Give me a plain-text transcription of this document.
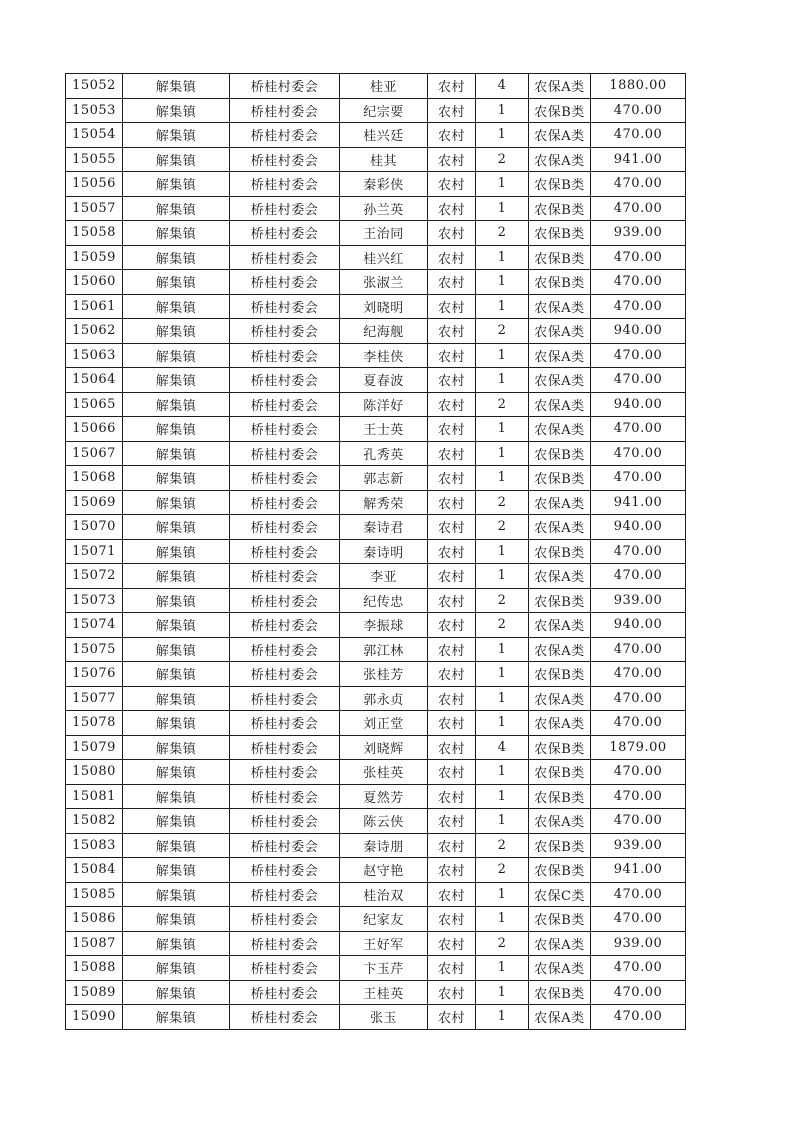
15052	解集镇	桥桂村委会	桂亚	农村	4	农保A类	1880.00
15053	解集镇	桥桂村委会	纪宗要	农村	1	农保B类	470.00
15054	解集镇	桥桂村委会	桂兴廷	农村	1	农保A类	470.00
15055	解集镇	桥桂村委会	桂其	农村	2	农保A类	941.00
15056	解集镇	桥桂村委会	秦彩侠	农村	1	农保B类	470.00
15057	解集镇	桥桂村委会	孙兰英	农村	1	农保B类	470.00
15058	解集镇	桥桂村委会	王治同	农村	2	农保B类	939.00
15059	解集镇	桥桂村委会	桂兴红	农村	1	农保B类	470.00
15060	解集镇	桥桂村委会	张淑兰	农村	1	农保B类	470.00
15061	解集镇	桥桂村委会	刘晓明	农村	1	农保A类	470.00
15062	解集镇	桥桂村委会	纪海舰	农村	2	农保A类	940.00
15063	解集镇	桥桂村委会	李桂侠	农村	1	农保A类	470.00
15064	解集镇	桥桂村委会	夏春波	农村	1	农保A类	470.00
15065	解集镇	桥桂村委会	陈洋好	农村	2	农保A类	940.00
15066	解集镇	桥桂村委会	王士英	农村	1	农保A类	470.00
15067	解集镇	桥桂村委会	孔秀英	农村	1	农保B类	470.00
15068	解集镇	桥桂村委会	郭志新	农村	1	农保B类	470.00
15069	解集镇	桥桂村委会	解秀荣	农村	2	农保A类	941.00
15070	解集镇	桥桂村委会	秦诗君	农村	2	农保A类	940.00
15071	解集镇	桥桂村委会	秦诗明	农村	1	农保B类	470.00
15072	解集镇	桥桂村委会	李亚	农村	1	农保A类	470.00
15073	解集镇	桥桂村委会	纪传忠	农村	2	农保B类	939.00
15074	解集镇	桥桂村委会	李振球	农村	2	农保A类	940.00
15075	解集镇	桥桂村委会	郭江林	农村	1	农保A类	470.00
15076	解集镇	桥桂村委会	张桂芳	农村	1	农保B类	470.00
15077	解集镇	桥桂村委会	郭永贞	农村	1	农保A类	470.00
15078	解集镇	桥桂村委会	刘正堂	农村	1	农保A类	470.00
15079	解集镇	桥桂村委会	刘晓辉	农村	4	农保B类	1879.00
15080	解集镇	桥桂村委会	张桂英	农村	1	农保B类	470.00
15081	解集镇	桥桂村委会	夏然芳	农村	1	农保B类	470.00
15082	解集镇	桥桂村委会	陈云侠	农村	1	农保A类	470.00
15083	解集镇	桥桂村委会	秦诗朋	农村	2	农保B类	939.00
15084	解集镇	桥桂村委会	赵守艳	农村	2	农保B类	941.00
15085	解集镇	桥桂村委会	桂治双	农村	1	农保C类	470.00
15086	解集镇	桥桂村委会	纪家友	农村	1	农保B类	470.00
15087	解集镇	桥桂村委会	王好军	农村	2	农保A类	939.00
15088	解集镇	桥桂村委会	卞玉芹	农村	1	农保A类	470.00
15089	解集镇	桥桂村委会	王桂英	农村	1	农保B类	470.00
15090	解集镇	桥桂村委会	张玉	农村	1	农保A类	470.00
